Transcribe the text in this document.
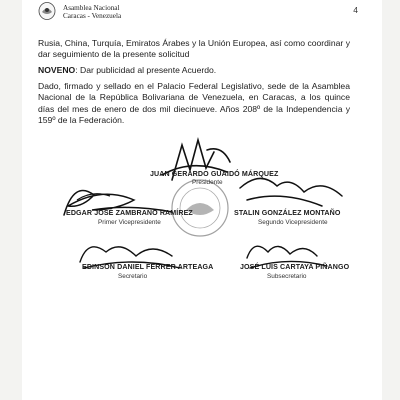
Asamblea Nacional
Caracas - Venezuela
4

Rusia, China, Turquía, Emiratos Árabes y la Unión Europea, así como coordinar y dar seguimiento de la presente solicitud

NOVENO: Dar publicidad al presente Acuerdo.

Dado, firmado y sellado en el Palacio Federal Legislativo, sede de la Asamblea Nacional de la República Bolivariana de Venezuela, en Caracas, a los quince días del mes de enero de dos mil diecinueve. Años 208º de la Independencia y 159º de la Federación.

JUAN GERARDO GUAIDÓ MÁRQUEZ
Presidente
EDGAR JOSÉ ZAMBRANO RAMÍREZ
Primer Vicepresidente
STALIN GONZÁLEZ MONTAÑO
Segundo Vicepresidente
EDINSON DANIEL FERRER ARTEAGA
Secretario
JOSÉ LUIS CARTAYA PIÑANGO
Subsecretario
